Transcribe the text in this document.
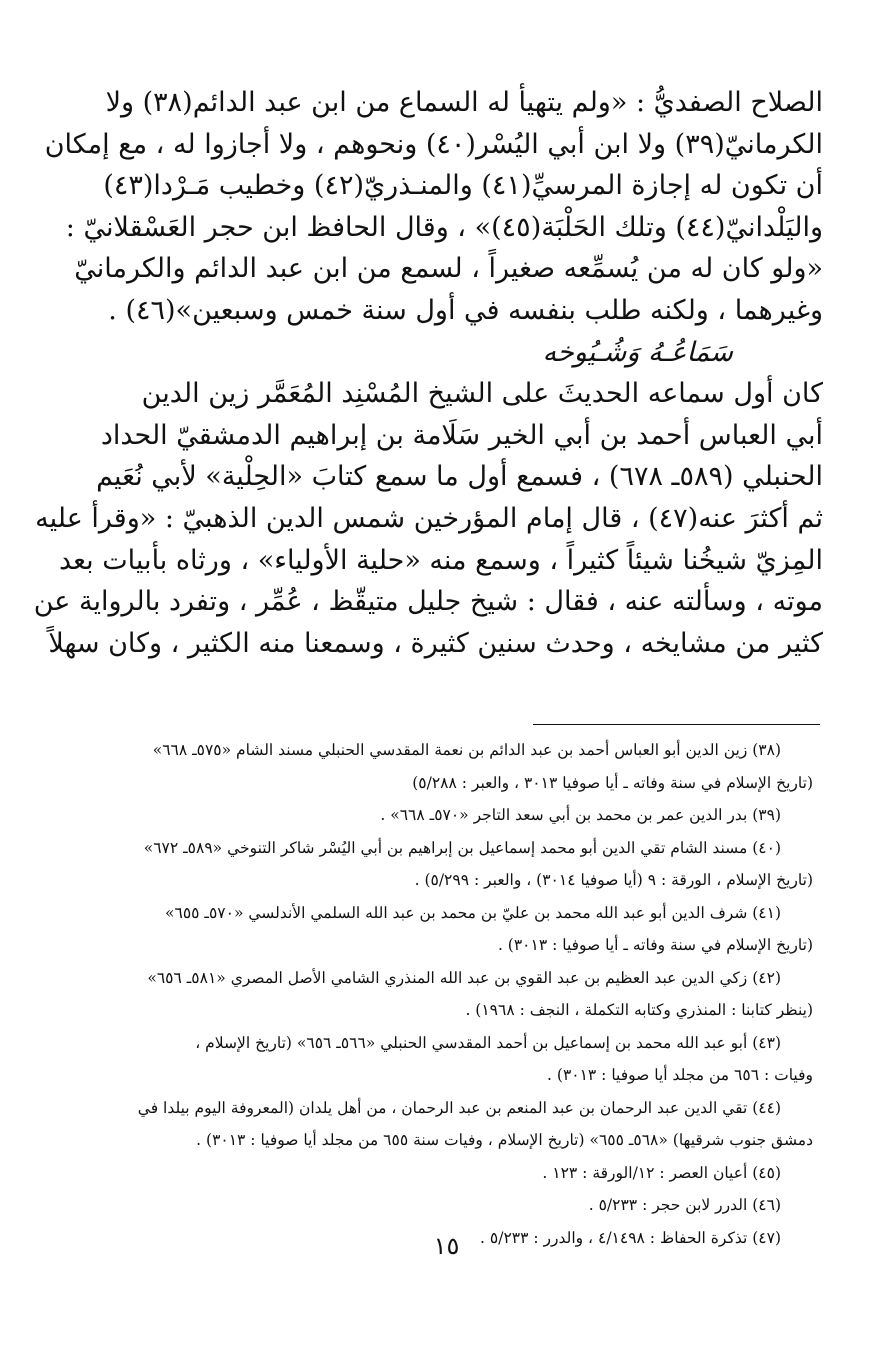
الصلاح الصفديُّ : «ولم يتهيأ له السماع من ابن عبد الدائم(٣٨) ولا
الكرمانيّ(٣٩) ولا ابن أبي اليُسْر(٤٠) ونحوهم ، ولا أجازوا له ، مع إمكان
أن تكون له إجازة المرسيِّ(٤١) والمنـذريّ(٤٢) وخطيب مَـرْدا(٤٣)
واليَلْدانيّ(٤٤) وتلك الحَلْبَة(٤٥)» ، وقال الحافظ ابن حجر العَسْقلانيّ :
«ولو كان له من يُسمِّعه صغيراً ، لسمع من ابن عبد الدائم والكرمانيّ
وغيرهما ، ولكنه طلب بنفسه في أول سنة خمس وسبعين»(٤٦) .
سَمَاعُـهُ وَشُـيُوخه
كان أول سماعه الحديثَ على الشيخ المُسْنِد المُعَمَّر زين الدين
أبي العباس أحمد بن أبي الخير سَلَامة بن إبراهيم الدمشقيّ الحداد
الحنبلي (٥٨٩ـ ٦٧٨) ، فسمع أول ما سمع كتابَ «الحِلْية» لأبي نُعَيم
ثم أكثرَ عنه(٤٧) ، قال إمام المؤرخين شمس الدين الذهبيّ : «وقرأ عليه
المِزيّ شيخُنا شيئاً كثيراً ، وسمع منه «حلية الأولياء» ، ورثاه بأبيات بعد
موته ، وسألته عنه ، فقال : شيخ جليل متيقّظ ، عُمِّر ، وتفرد بالرواية عن
كثير من مشايخه ، وحدث سنين كثيرة ، وسمعنا منه الكثير ، وكان سهلاً
(٣٨) زين الدين أبو العباس أحمد بن عبد الدائم بن نعمة المقدسي الحنبلي مسند الشام «٥٧٥ـ ٦٦٨»
(تاريخ الإسلام في سنة وفاته ـ أيا صوفيا ٣٠١٣ ، والعبر : ٥/٢٨٨)
(٣٩) بدر الدين عمر بن محمد بن أبي سعد التاجر «٥٧٠ـ ٦٦٨» .
(٤٠) مسند الشام تقي الدين أبو محمد إسماعيل بن إبراهيم بن أبي اليُسْر شاكر التنوخي «٥٨٩ـ ٦٧٢»
(تاريخ الإسلام ، الورقة : ٩ (أيا صوفيا ٣٠١٤) ، والعبر : ٥/٢٩٩) .
(٤١) شرف الدين أبو عبد الله محمد بن عليّ بن محمد بن عبد الله السلمي الأندلسي «٥٧٠ـ ٦٥٥»
(تاريخ الإسلام في سنة وفاته ـ أيا صوفيا : ٣٠١٣) .
(٤٢) زكي الدين عبد العظيم بن عبد القوي بن عبد الله المنذري الشامي الأصل المصري «٥٨١ـ ٦٥٦»
(ينظر كتابنا : المنذري وكتابه التكملة ، النجف : ١٩٦٨) .
(٤٣) أبو عبد الله محمد بن إسماعيل بن أحمد المقدسي الحنبلي «٥٦٦ـ ٦٥٦» (تاريخ الإسلام ،
وفيات : ٦٥٦ من مجلد أيا صوفيا : ٣٠١٣) .
(٤٤) تقي الدين عبد الرحمان بن عبد المنعم بن عبد الرحمان ، من أهل يلدان (المعروفة اليوم بيلدا في
دمشق جنوب شرقيها) «٥٦٨ـ ٦٥٥» (تاريخ الإسلام ، وفيات سنة ٦٥٥ من مجلد أيا صوفيا : ٣٠١٣) .
(٤٥) أعيان العصر : ١٢/الورقة : ١٢٣ .
(٤٦) الدرر لابن حجر : ٥/٢٣٣ .
(٤٧) تذكرة الحفاظ : ٤/١٤٩٨ ، والدرر : ٥/٢٣٣ .
١٥
